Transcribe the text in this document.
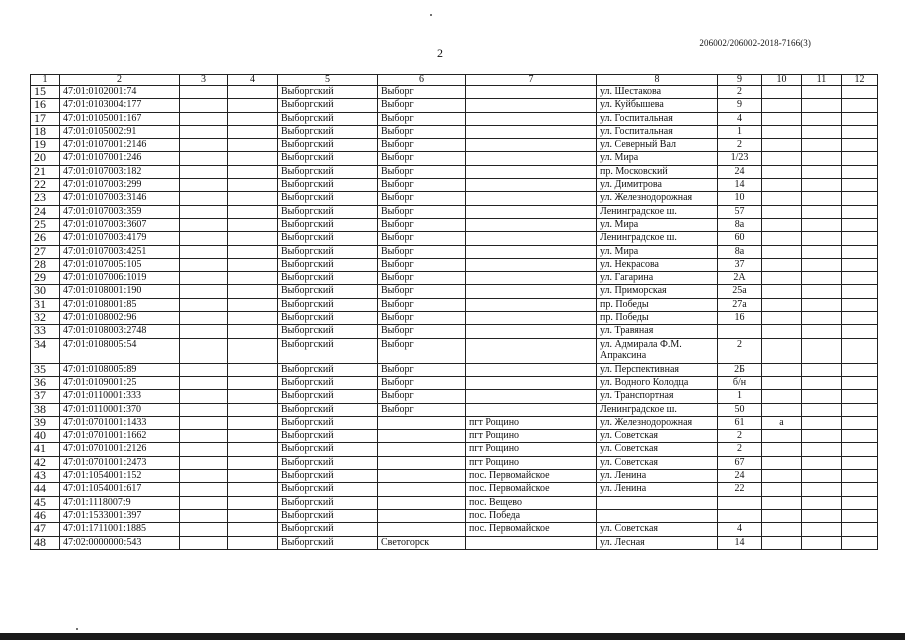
206002/206002-2018-7166(3)
2
1	2	3	4	5	6	7	8	9	10	11	12
15	47:01:0102001:74			Выборгский	Выборг		ул. Шестакова	2			
16	47:01:0103004:177			Выборгский	Выборг		ул. Куйбышева	9			
17	47:01:0105001:167			Выборгский	Выборг		ул. Госпитальная	4			
18	47:01:0105002:91			Выборгский	Выборг		ул. Госпитальная	1			
19	47:01:0107001:2146			Выборгский	Выборг		ул. Северный Вал	2			
20	47:01:0107001:246			Выборгский	Выборг		ул. Мира	1/23			
21	47:01:0107003:182			Выборгский	Выборг		пр. Московский	24			
22	47:01:0107003:299			Выборгский	Выборг		ул. Димитрова	14			
23	47:01:0107003:3146			Выборгский	Выборг		ул. Железнодорожная	10			
24	47:01:0107003:359			Выборгский	Выборг		Ленинградское ш.	57			
25	47:01:0107003:3607			Выборгский	Выборг		ул. Мира	8а			
26	47:01:0107003:4179			Выборгский	Выборг		Ленинградское ш.	60			
27	47:01:0107003:4251			Выборгский	Выборг		ул. Мира	8а			
28	47:01:0107005:105			Выборгский	Выборг		ул. Некрасова	37			
29	47:01:0107006:1019			Выборгский	Выборг		ул. Гагарина	2А			
30	47:01:0108001:190			Выборгский	Выборг		ул. Приморская	25а			
31	47:01:0108001:85			Выборгский	Выборг		пр. Победы	27а			
32	47:01:0108002:96			Выборгский	Выборг		пр. Победы	16			
33	47:01:0108003:2748			Выборгский	Выборг		ул. Травяная				
34	47:01:0108005:54			Выборгский	Выборг		ул. Адмирала Ф.М. Апраксина	2			
35	47:01:0108005:89			Выборгский	Выборг		ул. Перспективная	2Б			
36	47:01:0109001:25			Выборгский	Выборг		ул. Водного Колодца	б/н			
37	47:01:0110001:333			Выборгский	Выборг		ул. Транспортная	1			
38	47:01:0110001:370			Выборгский	Выборг		Ленинградское ш.	50			
39	47:01:0701001:1433			Выборгский		пгт Рощино	ул. Железнодорожная	61	а		
40	47:01:0701001:1662			Выборгский		пгт Рощино	ул. Советская	2			
41	47:01:0701001:2126			Выборгский		пгт Рощино	ул. Советская	2			
42	47:01:0701001:2473			Выборгский		пгт Рощино	ул. Советская	67			
43	47:01:1054001:152			Выборгский		пос. Первомайское	ул. Ленина	24			
44	47:01:1054001:617			Выборгский		пос. Первомайское	ул. Ленина	22			
45	47:01:1118007:9			Выборгский		пос. Вещево					
46	47:01:1533001:397			Выборгский		пос. Победа					
47	47:01:1711001:1885			Выборгский		пос. Первомайское	ул. Советская	4			
48	47:02:0000000:543			Выборгский	Светогорск		ул. Лесная	14			
